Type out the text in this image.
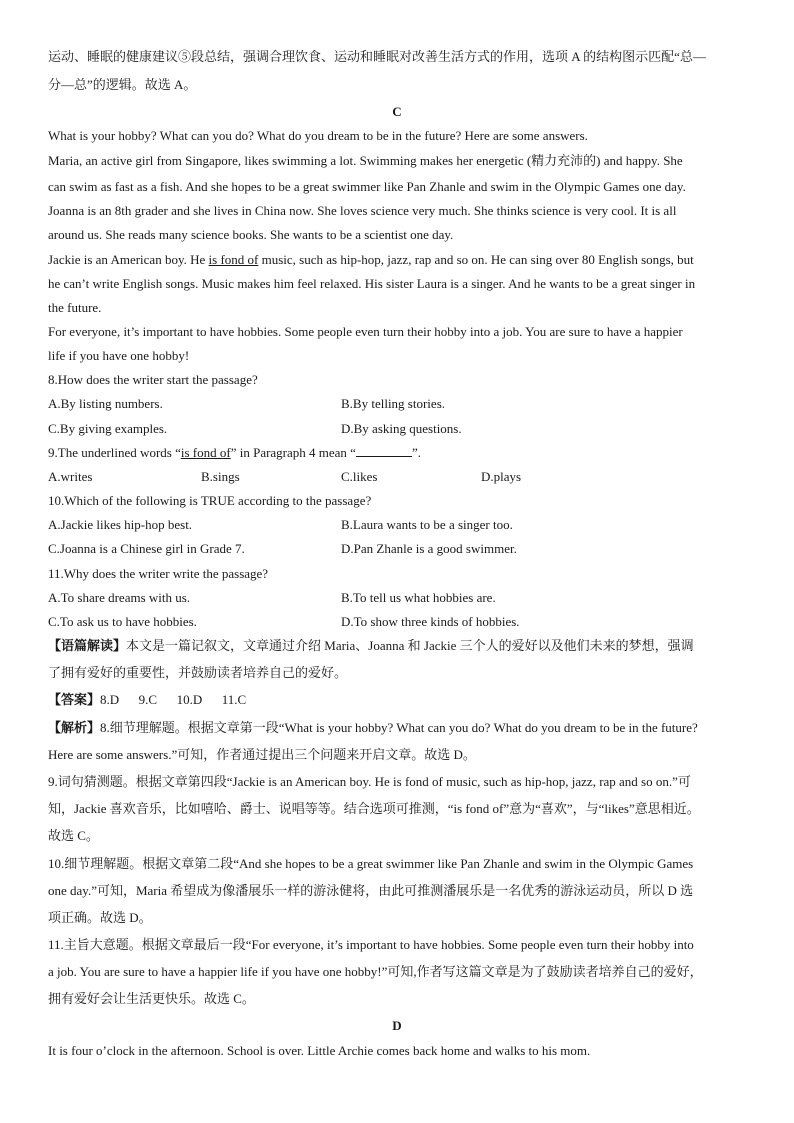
运动、睡眠的健康建议⑤段总结，强调合理饮食、运动和睡眠对改善生活方式的作用，选项 A 的结构图示匹配“总—
分—总”的逻辑。故选 A。
C
What is your hobby? What can you do? What do you dream to be in the future? Here are some answers.
Maria, an active girl from Singapore, likes swimming a lot. Swimming makes her energetic (精力充沛的) and happy. She
can swim as fast as a fish. And she hopes to be a great swimmer like Pan Zhanle and swim in the Olympic Games one day.
Joanna is an 8th grader and she lives in China now. She loves science very much. She thinks science is very cool. It is all
around us. She reads many science books. She wants to be a scientist one day.
Jackie is an American boy. He is fond of music, such as hip-hop, jazz, rap and so on. He can sing over 80 English songs, but
he can’t write English songs. Music makes him feel relaxed. His sister Laura is a singer. And he wants to be a great singer in
the future.
For everyone, it’s important to have hobbies. Some people even turn their hobby into a job. You are sure to have a happier
life if you have one hobby!
8.How does the writer start the passage?
A.By listing numbers.	B.By telling stories.
C.By giving examples.	D.By asking questions.
9.The underlined words “is fond of” in Paragraph 4 mean “	”.
A.writes	B.sings	C.likes	D.plays
10.Which of the following is TRUE according to the passage?
A.Jackie likes hip-hop best.	B.Laura wants to be a singer too.
C.Joanna is a Chinese girl in Grade 7.	D.Pan Zhanle is a good swimmer.
11.Why does the writer write the passage?
A.To share dreams with us.	B.To tell us what hobbies are.
C.To ask us to have hobbies.	D.To show three kinds of hobbies.
【语篇解读】本文是一篇记叙文，文章通过介绍 Maria、Joanna 和 Jackie 三个人的爱好以及他们未来的梦想，强调
了拥有爱好的重要性，并鼓励读者培养自己的爱好。
【答案】8.D      9.C      10.D      11.C
【解析】8.细节理解题。根据文章第一段“What is your hobby? What can you do? What do you dream to be in the future?
Here are some answers.”可知，作者通过提出三个问题来开启文章。故选 D。
9.词句猜测题。根据文章第四段“Jackie is an American boy. He is fond of music, such as hip-hop, jazz, rap and so on.”可
知，Jackie 喜欢音乐，比如嘻哈、爵士、说唱等等。结合选项可推测，“is fond of”意为“喜欢”，与“likes”意思相近。
故选 C。
10.细节理解题。根据文章第二段“And she hopes to be a great swimmer like Pan Zhanle and swim in the Olympic Games
one day.”可知，Maria 希望成为像潘展乐一样的游泳健将，由此可推测潘展乐是一名优秀的游泳运动员，所以 D 选
项正确。故选 D。
11.主旨大意题。根据文章最后一段“For everyone, it’s important to have hobbies. Some people even turn their hobby into
a job. You are sure to have a happier life if you have one hobby!”可知,作者写这篇文章是为了鼓励读者培养自己的爱好，
拥有爱好会让生活更快乐。故选 C。
D
It is four o’clock in the afternoon. School is over. Little Archie comes back home and walks to his mom.
